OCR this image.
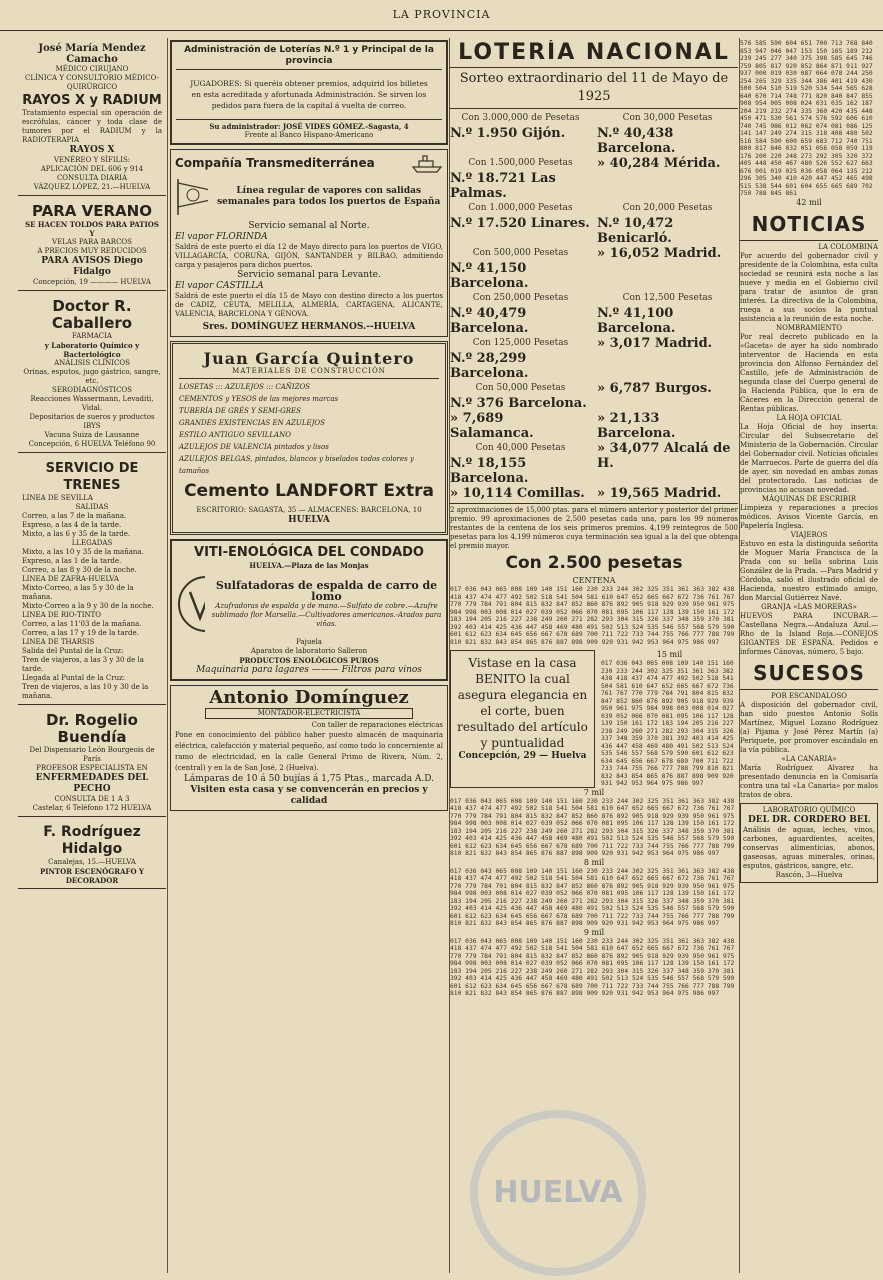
LA PROVINCIA
José María Mendez Camacho
MÉDICO CIRUJANO
CLÍNICA Y CONSULTORIO MÉDICO-QUIRÚRGICO
RAYOS X y RADIUM
Tratamiento especial sin operación de escrófulas, cáncer y toda clase de tumores por el RADIUM y la RADIOTERAPIA
RAYOS X
VENÉREO Y SÍFILIS:
APLICACIÓN DEL 606 y 914
CONSULTA DIARIA
VÁZQUEZ LÓPEZ, 21.—HUELVA
PARA VERANO
SE HACEN TOLDOS PARA PATIOS Y
VELAS PARA BARCOS
A PRECIOS MUY REDUCIDOS
PARA AVISOS Diego Fidalgo
Concepción, 19 ———— HUELVA
Doctor R. Caballero
FARMACIA
y Laboratorio Químico y Bacteriológico
ANÁLISIS CLÍNICOS
Orinas, esputos, jugo gástrico, sangre, etc.
SERODIAGNÓSTICOS
Reacciones Wassermann, Levaditi, Vidal.
Depositarios de sueros y productos IBYS
Vacuna Suiza de Lausanne
Concepción, 6 HUELVA Teléfono 90
SERVICIO DE TRENES
LINEA DE SEVILLA
SALIDAS
Correo, a las 7 de la mañana.
Expreso, a las 4 de la tarde.
Mixto, a las 6 y 35 de la tarde.
LLEGADAS
Mixto, a las 10 y 35 de la mañana.
Expreso, a las 1 de la tarde.
Correo, a las 8 y 30 de la noche.
LINEA DE ZAFRA-HUELVA
Mixto-Correo, a las 5 y 30 de la mañana.
Mixto-Correo a la 9 y 30 de la noche.
LINEA DE RIO-TINTO
Correo, a las 11'03 de la mañana.
Correo, a las 17 y 19 de la tarde.
LINEA DE THARSIS
Salida del Puntal de la Cruz:
Tren de viajeros, a las 3 y 30 de la tarde.
Llegada al Puntal de la Cruz:
Tren de viajeros, a las 10 y 30 de la mañana.
Dr. Rogelio Buendía
Del Dispensario León Bourgeois de París
PROFESOR ESPECIALISTA EN
ENFERMEDADES DEL PECHO
CONSULTA DE 1 A 3
Castelar, 6 Teléfono 172 HUELVA
F. Rodríguez Hidalgo
Canalejas, 15.—HUELVA
PINTOR ESCENÓGRAFO Y DECORADOR
Administración de Loterías N.º 1 y Principal de la provincia
JUGADORES: Si queréis obtener premios, adquirid los billetes en esta acreditada y afortunada Administración. Se sirven los pedidos para fuera de la capital á vuelta de correo.
Su administrador: JOSÉ VIDES GÓMEZ.-Sagasta, 4
Frente al Banco Hispano-Americano
Compañía Transmediterránea
Línea regular de vapores con salidas semanales para todos los puertos de España
Servicio semanal al Norte.
El vapor FLORINDA
Saldrá de este puerto el día 12 de Mayo directo para los puertos de VIGO, VILLAGARCÍA, CORUÑA, GIJÓN, SANTANDER y BILBAO, admitiendo carga y pasajeros para dichos puertos.
Servicio semanal para Levante.
El vapor CASTILLA
Saldrá de este puerto el día 15 de Mayo con destino directo a los puertos de CADIZ, CEUTA, MELILLA, ALMERÍA, CARTAGENA, ALICANTE, VALENCIA, BARCELONA Y GÉNOVA.
Sres. DOMÍNGUEZ HERMANOS.--HUELVA
Juan García Quintero
MATERIALES DE CONSTRUCCIÓN
LOSETAS ::: AZULEJOS ::: CAÑIZOS
CEMENTOS y YESOS de las mejores marcas
TUBERÍA DE GRÉS Y SEMI-GRES
GRANDES EXISTENCIAS EN AZULEJOS
ESTILO ANTIGUO SEVILLANO
AZULEJOS DE VALENCIA pintados y lisos
AZULEJOS BELGAS, pintados, blancos y biselados todos colores y tamaños
Cemento LANDFORT Extra
ESCRITORIO: SAGASTA, 35 — ALMACENES: BARCELONA, 10
HUELVA
VITI-ENOLÓGICA DEL CONDADO
HUELVA.—Plaza de las Monjas
Sulfatadoras de espalda de carro de lomo
Azufradoras de espalda y de mano.—Sulfato de cobre.—Azufre sublimado flor Marsella.—Cultivadores americanos.-Arados para viñas.
Pajuela
Aparatos de laboratorio Salleron
PRODUCTOS ENOLÓGICOS PUROS
Maquinaria para lagares ——— Filtros para vinos
Antonio Domínguez
MONTADOR-ELECTRICISTA
Con taller de reparaciones eléctricas
Pone en conocimiento del público haber puesto almacén de maquinaria eléctrica, calefacción y material pequeño, así como todo lo concerniente al ramo de electricidad, en la calle General Primo de Rivera, Núm. 2, (central) y en la de San José, 2 (Huelva).
Lámparas de 10 á 50 bujías á 1,75 Ptas., marcada A.D.
Visiten esta casa y se convencerán en precios y calidad
LOTERÍA NACIONAL
Sorteo extraordinario del 11 de Mayo de 1925
Con 3.000,000 de Pesetas
N.º 1.950 Gijón.
Con 30,000 Pesetas
N.º 40,438 Barcelona.
Con 1.500,000 Pesetas
N.º 18.721 Las Palmas.
» 40,284 Mérida.
Con 1.000,000 Pesetas
N.º 17.520 Linares.
Con 20,000 Pesetas
N.º 10,472 Benicarló.
Con 500,000 Pesetas
N.º 41,150 Barcelona.
» 16,052 Madrid.
Con 250,000 Pesetas
N.º 40,479 Barcelona.
Con 12,500 Pesetas
N.º 41,100 Barcelona.
Con 125,000 Pesetas
N.º 28,299 Barcelona.
» 3,017 Madrid.
Con 50,000 Pesetas
N.º 376 Barcelona.
» 6,787 Burgos.
» 7,689 Salamanca.
» 21,133 Barcelona.
Con 40,000 Pesetas
N.º 18,155 Barcelona.
» 34,077 Alcalá de H.
» 10,114 Comillas. » 19,565 Madrid.
2 aproximaciones de 15,000 ptas. para el número anterior y posterior del primer premio. 99 aproximaciones de 2,500 pesetas cada una, para los 99 números restantes de la centena de los seis primeros premios. 4,199 reintegros de 500 pesetas para los 4,199 números cuya terminación sea igual a la del que obtenga el premio mayor.
Con 2.500 pesetas
CENTENA
017 036 043 065 008 109 140 151 160 230 233 244 302 325 351 361 363 382 438 418 437 474 477 492 502 518 541 504 581 610 647 652 665 667 672 736 761 767 770 779 784 791 804 815 832 847 852 860 876 892 905 918 929 939 950 961 975 984 998 003 008 014 027 039 052 066 070 081 095 106 117 128 139 150 161 172 183 194 205 216 227 238 249 260 271 282 293 304 315 326 337 348 359 370 381 392 403 414 425 436 447 458 469 480 491 502 513 524 535 546 557 568 579 590 601 612 623 634 645 656 667 678 689 700 711 722 733 744 755 766 777 788 799 810 821 832 843 854 865 876 887 898 909 920 931 942 953 964 975 986 997
Vistase en la casa BENITO la cual asegura elegancia en el corte, buen resultado del artículo y puntualidad
Concepción, 29 — Huelva
15 mil
017 036 043 065 008 109 140 151 160 230 233 244 302 325 351 361 363 382 438 418 437 474 477 492 502 518 541 504 581 610 647 652 665 667 672 736 761 767 770 779 784 791 804 815 832 847 852 860 876 892 905 918 929 939 950 961 975 984 998 003 008 014 027 039 052 066 070 081 095 106 117 128 139 150 161 172 183 194 205 216 227 238 249 260 271 282 293 304 315 326 337 348 359 370 381 392 403 414 425 436 447 458 469 480 491 502 513 524 535 546 557 568 579 590 601 612 623 634 645 656 667 678 689 700 711 722 733 744 755 766 777 788 799 810 821 832 843 854 865 876 887 898 909 920 931 942 953 964 975 986 997
7 mil
017 036 043 065 008 109 140 151 160 230 233 244 302 325 351 361 363 382 438 418 437 474 477 492 502 518 541 504 581 610 647 652 665 667 672 736 761 767 770 779 784 791 804 815 832 847 852 860 876 892 905 918 929 939 950 961 975 984 998 003 008 014 027 039 052 066 070 081 095 106 117 128 139 150 161 172 183 194 205 216 227 238 249 260 271 282 293 304 315 326 337 348 359 370 381 392 403 414 425 436 447 458 469 480 491 502 513 524 535 546 557 568 579 590 601 612 623 634 645 656 667 678 689 700 711 722 733 744 755 766 777 788 799 810 821 832 843 854 865 876 887 898 909 920 931 942 953 964 975 986 997
8 mil
017 036 043 065 008 109 140 151 160 230 233 244 302 325 351 361 363 382 438 418 437 474 477 492 502 518 541 504 581 610 647 652 665 667 672 736 761 767 770 779 784 791 804 815 832 847 852 860 876 892 905 918 929 939 950 961 975 984 998 003 008 014 027 039 052 066 070 081 095 106 117 128 139 150 161 172 183 194 205 216 227 238 249 260 271 282 293 304 315 326 337 348 359 370 381 392 403 414 425 436 447 458 469 480 491 502 513 524 535 546 557 568 579 590 601 612 623 634 645 656 667 678 689 700 711 722 733 744 755 766 777 788 799 810 821 832 843 854 865 876 887 898 909 920 931 942 953 964 975 986 997
9 mil
017 036 043 065 008 109 140 151 160 230 233 244 302 325 351 361 363 382 438 418 437 474 477 492 502 518 541 504 581 610 647 652 665 667 672 736 761 767 770 779 784 791 804 815 832 847 852 860 876 892 905 918 929 939 950 961 975 984 998 003 008 014 027 039 052 066 070 081 095 106 117 128 139 150 161 172 183 194 205 216 227 238 249 260 271 282 293 304 315 326 337 348 359 370 381 392 403 414 425 436 447 458 469 480 491 502 513 524 535 546 557 568 579 590 601 612 623 634 645 656 667 678 689 700 711 722 733 744 755 766 777 788 799 810 821 832 843 854 865 876 887 898 909 920 931 942 953 964 975 986 997
576 585 590 604 651 700 713 768 840 853 947 046 047 153 150 165 189 212 239 245 277 340 375 398 585 645 746 759 805 817 920 852 864 871 911 927 937 000 019 030 087 064 078 244 250 254 265 329 335 344 386 401 419 430 500 504 510 519 520 534 544 565 628 640 670 714 748 771 820 840 847 855 908 954 005 008 024 031 035 162 187 204 219 232 274 335 360 420 435 448 450 471 530 561 574 576 592 606 610 740 745 986 012 062 074 081 086 125 141 147 249 274 315 318 408 480 502 516 584 590 600 659 683 712 740 751 800 817 846 032 051 056 058 059 119 176 200 220 248 273 292 305 320 372 405 448 450 467 480 526 552 627 663 676 001 019 025 036 058 064 135 212 296 305 340 410 420 447 452 465 498 515 538 544 601 604 655 665 689 702 750 788 845 861
42 mil
NOTICIAS
LA COLOMBINA
Por acuerdo del gobernador civil y presidente de la Colombina, esta culta sociedad se reunirá esta noche a las nueve y media en el Gobierno civil para tratar de asuntos de gran interés. La directiva de la Colombina, ruega a sus socios la puntual asistencia a la reunión de esta noche.
NOMBRAMIENTO
Por real decreto publicado en la «Gaceta» de ayer ha sido nombrado interventor de Hacienda en esta provincia don Alfonso Fernández del Castillo, jefe de Administración de segunda clase del Cuerpo general de la Hacienda Pública, que lo era de Cáceres en la Dirección general de Rentas públicas.
LA HOJA OFICIAL
La Hoja Oficial de hoy inserta: Circular del Subsecretario del Ministerio de la Gobernación. Circular del Gobernador civil. Noticias oficiales de Marruecos. Parte de guerra del día de ayer, sin novedad en ambas zonas del protectorado. Las noticias de provincias no acusan novedad.
MÁQUINAS DE ESCRIBIR
Limpieza y reparaciones a precios módicos. Avisos Vicente García, en Papelería Inglesa.
VIAJEROS
Estuvo en esta la distinguida señorita de Moguer María Francisca de la Prada con su bella sobrina Luis González de la Prada. —Para Madrid y Córdoba, salió el ilustrado oficial de Hacienda, nuestro estimado amigo, don Marcial Gutiérrez Navé.
GRANJA «LAS MORERAS»
HUEVOS PARA INCUBAR.—Castellana Negra.—Andaluza Azul.—Rho de la Island Roja.—CONEJOS GIGANTES DE ESPAÑA. Pedidos e informes Cánovas, número, 5 bajo.
SUCESOS
POR ESCANDALOSO
A disposición del gobernador civil, han sido puestos Antonio Solís Martínez, Miguel Lozano Rodríguez (a) Pijama y José Pérez Martín (a) Periquete, por promover escándalo en la vía pública.
«LA CANARIA»
María Rodríguez Alvarez ha presentado denuncia en la Comisaría contra una tal «La Canaria» por malos tratos de obra.
LABORATORIO QUÍMICO
DEL DR. CORDERO BEL
Análisis de aguas, leches, vinos, carbones, aguardientes, aceites, conservas alimenticias, abonos, gaseosas, aguas minerales, orinas, esputos, gástricos, sangre, etc.
Rascón, 3—Huelva
HUELVA
